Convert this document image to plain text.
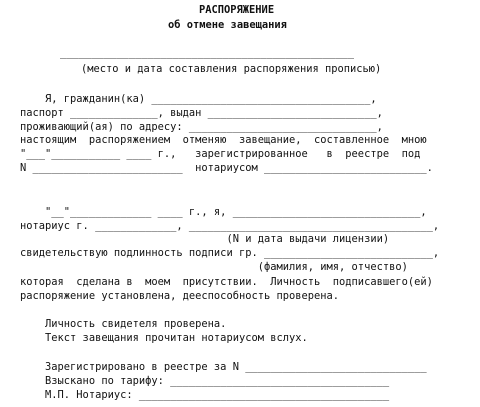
РАСПОРЯЖЕНИЕ
об отмене завещания
_______________________________________________
(место и дата составления распоряжения прописью)
Я, гражданин(ка) ___________________________________,
паспорт ______________, выдан ___________________________,
проживающий(ая) по адресу: ______________________________,
настоящим  распоряжением  отменяю  завещание,  составленное  мною
"___"___________ ____ г.,   зарегистрированное   в  реестре  под
N ________________________  нотариусом __________________________.
"__"_____________ ____ г., я, ______________________________,
нотариус г. _____________, _______________________________________,
(N и дата выдачи лицензии)
свидетельствую подлинность подписи гр. ___________________________,
(фамилия, имя, отчество)
которая  сделана в  моем  присутствии.  Личность  подписавшего(ей)
распоряжение установлена, дееспособность проверена.
Личность свидетеля проверена.
Текст завещания прочитан нотариусом вслух.
Зарегистрировано в реестре за N _____________________________
Взыскано по тарифу: ___________________________________
М.П. Нотариус: ________________________________________
